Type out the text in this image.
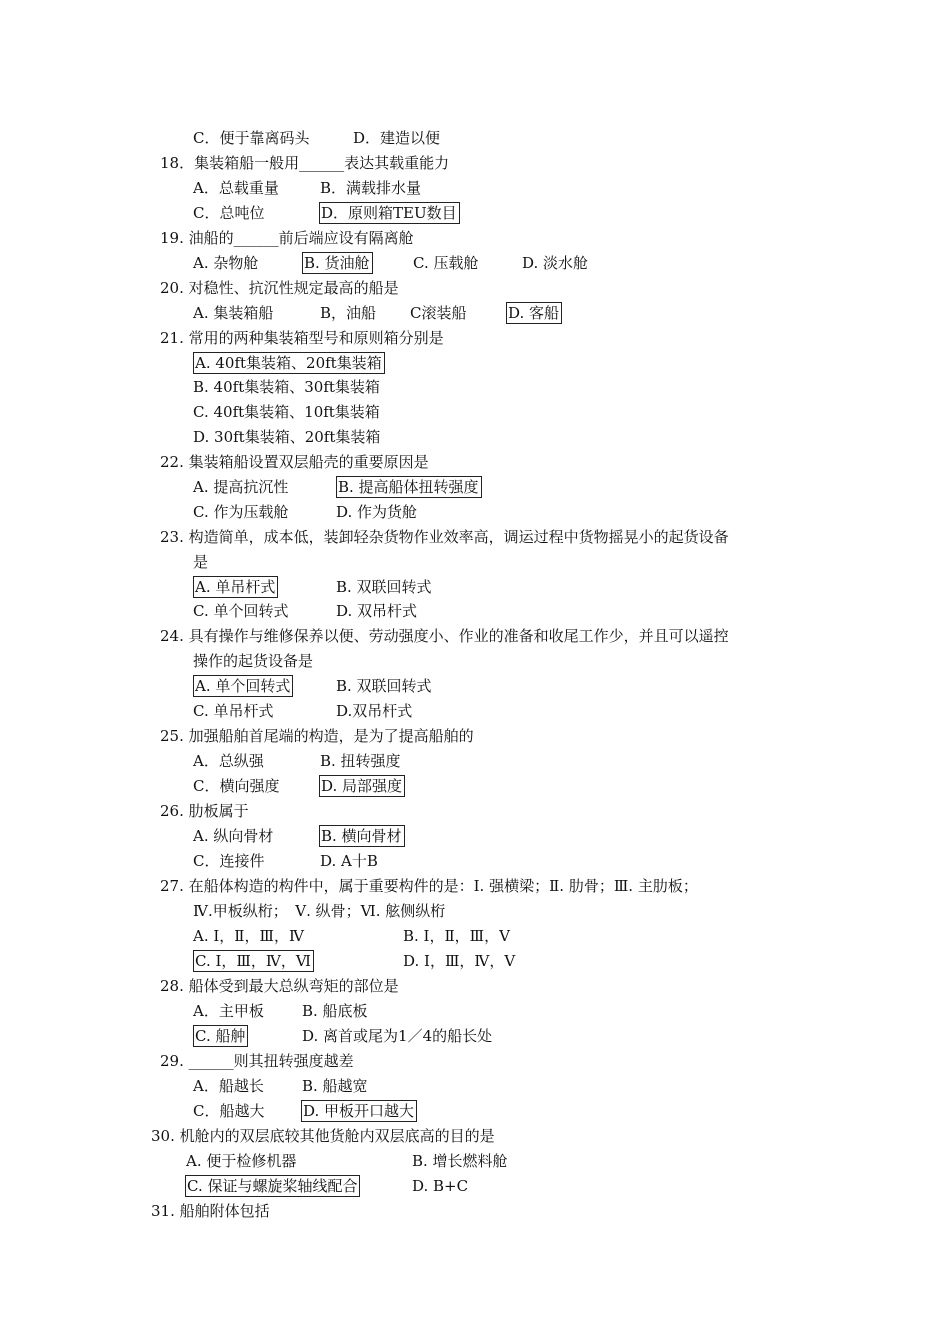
C．便于靠离码头	D．建造以便
18．集装箱船一般用______表达其载重能力
A．总载重量	B．满载排水量
C．总吨位	D．原则箱TEU数目
19. 油船的______前后端应设有隔离舱
A. 杂物舱	B. 货油舱	C. 压载舱	D. 淡水舱
20. 对稳性、抗沉性规定最高的船是
A. 集装箱船	B，油船 C滚装船	D. 客船
21. 常用的两种集装箱型号和原则箱分别是
A. 40ft集装箱、20ft集装箱
B. 40ft集装箱、30ft集装箱
C. 40ft集装箱、10ft集装箱
D. 30ft集装箱、20ft集装箱
22. 集装箱船设置双层船壳的重要原因是
A. 提高抗沉性	B. 提高船体扭转强度
C. 作为压载舱	D. 作为货舱
23. 构造简单，成本低，装卸轻杂货物作业效率高，调运过程中货物摇晃小的起货设备
是
A. 单吊杆式	B. 双联回转式
C. 单个回转式	D. 双吊杆式
24. 具有操作与维修保养以便、劳动强度小、作业的准备和收尾工作少，并且可以遥控
操作的起货设备是
A. 单个回转式	B. 双联回转式
C. 单吊杆式	D.双吊杆式
25. 加强船舶首尾端的构造，是为了提高船舶的
A．总纵强	B. 扭转强度
C．横向强度	D. 局部强度
26. 肋板属于
A. 纵向骨材	B. 横向骨材
C．连接件	D. A十B
27. 在船体构造的构件中，属于重要构件的是：Ⅰ. 强横梁；Ⅱ. 肋骨；Ⅲ. 主肋板；
Ⅳ.甲板纵桁；　Ⅴ. 纵骨；Ⅵ. 舷侧纵桁
A. Ⅰ，Ⅱ，Ⅲ，Ⅳ	B. Ⅰ，Ⅱ，Ⅲ，Ⅴ
C. Ⅰ，Ⅲ，Ⅳ，Ⅵ	D. Ⅰ，Ⅲ，Ⅳ，Ⅴ
28. 船体受到最大总纵弯矩的部位是
A．主甲板	B. 船底板
C. 船舯	D. 离首或尾为1／4的船长处
29. ______则其扭转强度越差
A．船越长	B. 船越宽
C．船越大	D. 甲板开口越大
30. 机舱内的双层底较其他货舱内双层底高的目的是
A. 便于检修机器	B. 增长燃料舱
C. 保证与螺旋桨轴线配合	D. B+C
31. 船舶附体包括
